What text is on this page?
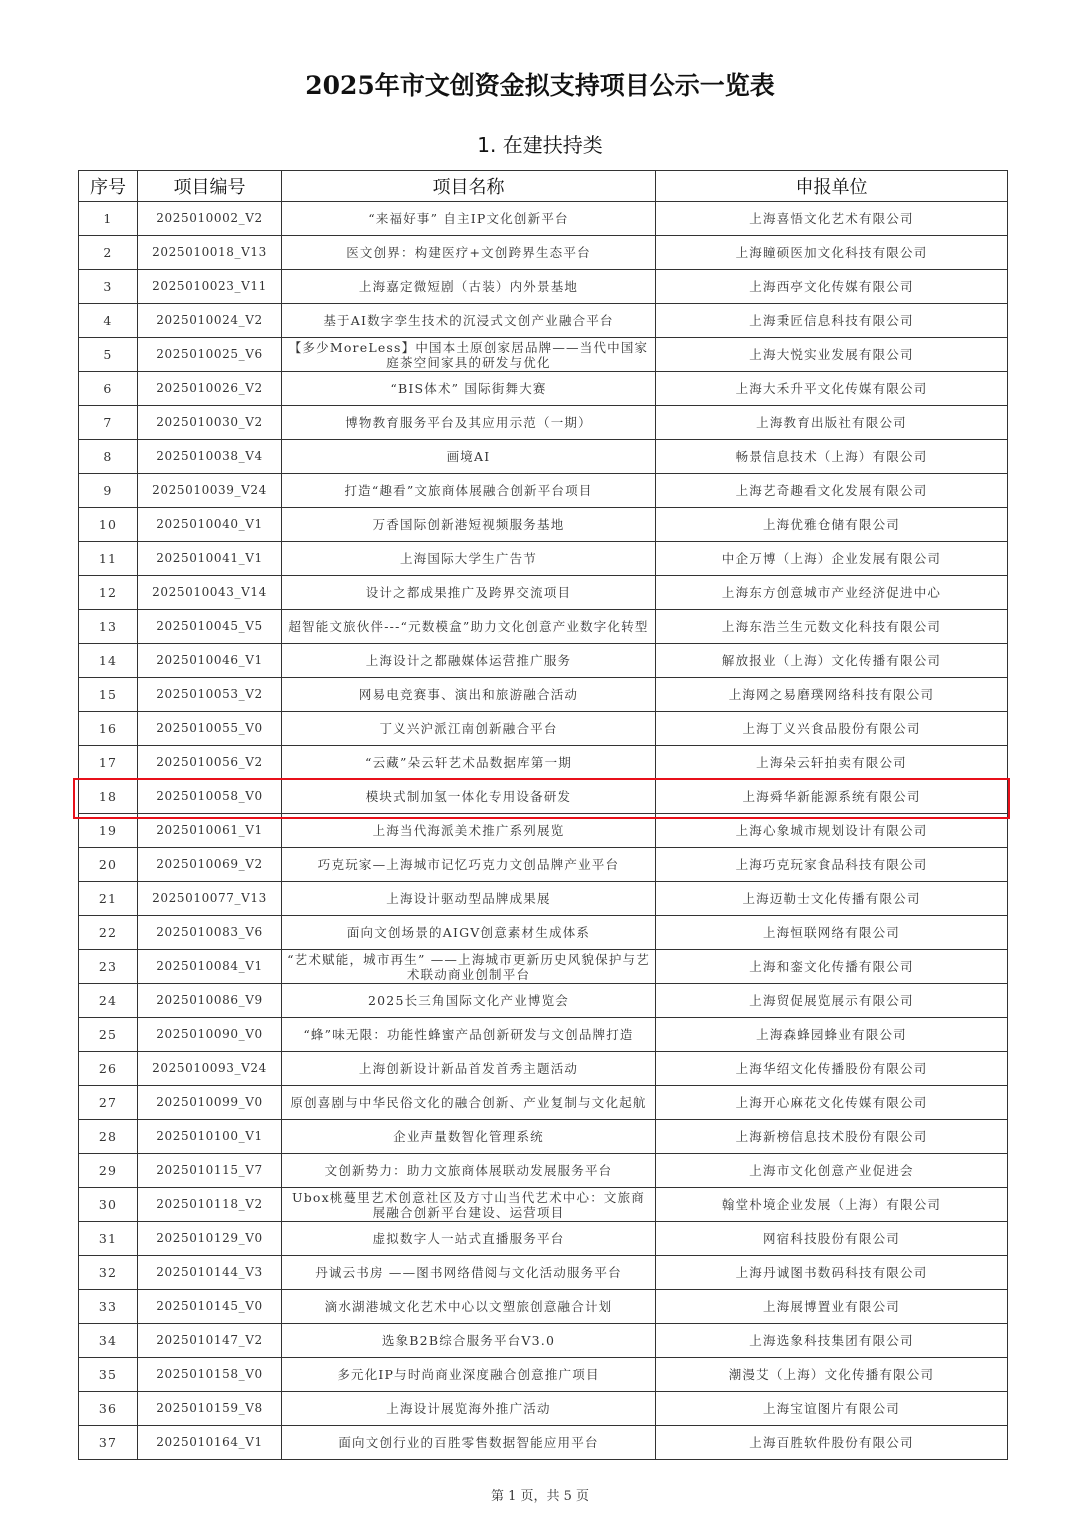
2025年市文创资金拟支持项目公示一览表
1. 在建扶持类
序号	项目编号	项目名称	申报单位
1	2025010002_V2	“来福好事” 自主IP文化创新平台	上海喜悟文化艺术有限公司
2	2025010018_V13	医文创界：构建医疗+文创跨界生态平台	上海瞳硕医加文化科技有限公司
3	2025010023_V11	上海嘉定微短剧（古装）内外景基地	上海西亭文化传媒有限公司
4	2025010024_V2	基于AI数字孪生技术的沉浸式文创产业融合平台	上海秉匠信息科技有限公司
5	2025010025_V6	【多少MoreLess】中国本土原创家居品牌——当代中国家庭茶空间家具的研发与优化	上海大悦实业发展有限公司
6	2025010026_V2	“BIS体术” 国际街舞大赛	上海大禾升平文化传媒有限公司
7	2025010030_V2	博物教育服务平台及其应用示范（一期）	上海教育出版社有限公司
8	2025010038_V4	画境AI	畅景信息技术（上海）有限公司
9	2025010039_V24	打造“趣看”文旅商体展融合创新平台项目	上海艺奇趣看文化发展有限公司
10	2025010040_V1	万香国际创新港短视频服务基地	上海优雅仓储有限公司
11	2025010041_V1	上海国际大学生广告节	中企万博（上海）企业发展有限公司
12	2025010043_V14	设计之都成果推广及跨界交流项目	上海东方创意城市产业经济促进中心
13	2025010045_V5	超智能文旅伙伴---“元数模盒”助力文化创意产业数字化转型	上海东浩兰生元数文化科技有限公司
14	2025010046_V1	上海设计之都融媒体运营推广服务	解放报业（上海）文化传播有限公司
15	2025010053_V2	网易电竞赛事、演出和旅游融合活动	上海网之易磨璞网络科技有限公司
16	2025010055_V0	丁义兴沪派江南创新融合平台	上海丁义兴食品股份有限公司
17	2025010056_V2	“云藏”朵云轩艺术品数据库第一期	上海朵云轩拍卖有限公司
18	2025010058_V0	模块式制加氢一体化专用设备研发	上海舜华新能源系统有限公司
19	2025010061_V1	上海当代海派美术推广系列展览	上海心象城市规划设计有限公司
20	2025010069_V2	巧克玩家—上海城市记忆巧克力文创品牌产业平台	上海巧克玩家食品科技有限公司
21	2025010077_V13	上海设计驱动型品牌成果展	上海迈勒士文化传播有限公司
22	2025010083_V6	面向文创场景的AIGV创意素材生成体系	上海恒联网络有限公司
23	2025010084_V1	“艺术赋能，城市再生” ——上海城市更新历史风貌保护与艺术联动商业创制平台	上海和銮文化传播有限公司
24	2025010086_V9	2025长三角国际文化产业博览会	上海贸促展览展示有限公司
25	2025010090_V0	“蜂”味无限：功能性蜂蜜产品创新研发与文创品牌打造	上海森蜂园蜂业有限公司
26	2025010093_V24	上海创新设计新品首发首秀主题活动	上海华绍文化传播股份有限公司
27	2025010099_V0	原创喜剧与中华民俗文化的融合创新、产业复制与文化起航	上海开心麻花文化传媒有限公司
28	2025010100_V1	企业声量数智化管理系统	上海新榜信息技术股份有限公司
29	2025010115_V7	文创新势力：助力文旅商体展联动发展服务平台	上海市文化创意产业促进会
30	2025010118_V2	Ubox桃蔓里艺术创意社区及方寸山当代艺术中心：文旅商展融合创新平台建设、运营项目	翰堂朴境企业发展（上海）有限公司
31	2025010129_V0	虚拟数字人一站式直播服务平台	网宿科技股份有限公司
32	2025010144_V3	丹诚云书房 ——图书网络借阅与文化活动服务平台	上海丹诚图书数码科技有限公司
33	2025010145_V0	滴水湖港城文化艺术中心以文塑旅创意融合计划	上海展博置业有限公司
34	2025010147_V2	选象B2B综合服务平台V3.0	上海选象科技集团有限公司
35	2025010158_V0	多元化IP与时尚商业深度融合创意推广项目	潮漫艾（上海）文化传播有限公司
36	2025010159_V8	上海设计展览海外推广活动	上海宝谊图片有限公司
37	2025010164_V1	面向文创行业的百胜零售数据智能应用平台	上海百胜软件股份有限公司
第 1 页，共 5 页
